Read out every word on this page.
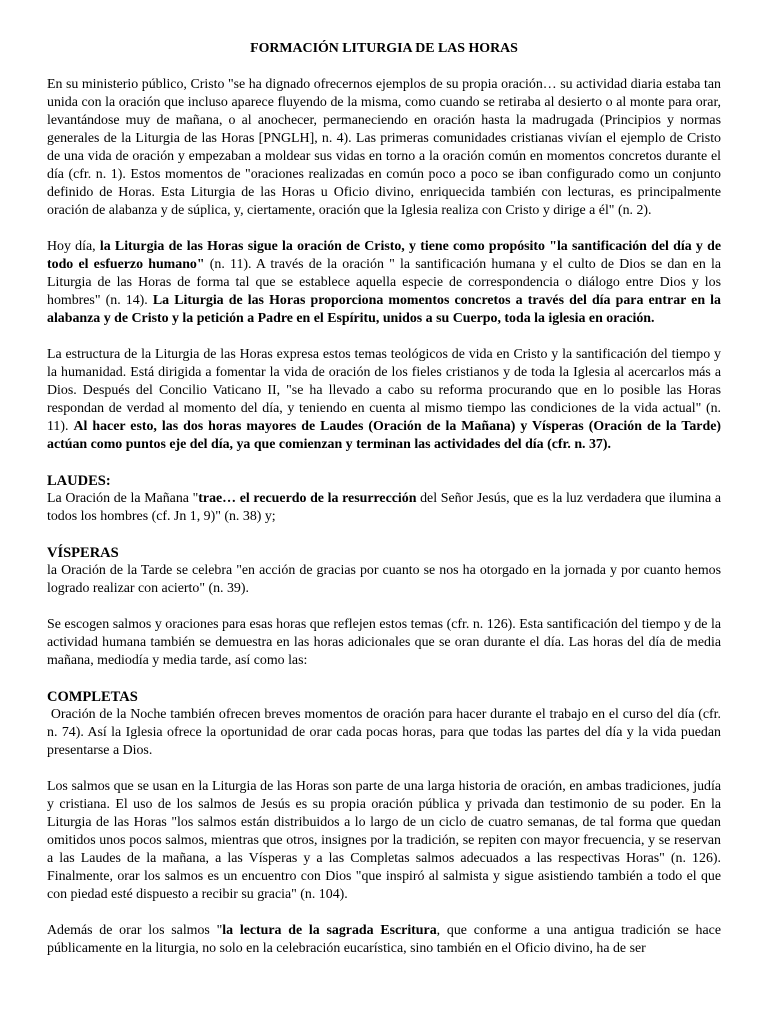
FORMACIÓN LITURGIA DE LAS HORAS

En su ministerio público, Cristo "se ha dignado ofrecernos ejemplos de su propia oración… su actividad diaria estaba tan unida con la oración que incluso aparece fluyendo de la misma, como cuando se retiraba al desierto o al monte para orar, levantándose muy de mañana, o al anochecer, permaneciendo en oración hasta la madrugada (Principios y normas generales de la Liturgia de las Horas [PNGLH], n. 4). Las primeras comunidades cristianas vivían el ejemplo de Cristo de una vida de oración y empezaban a moldear sus vidas en torno a la oración común en momentos concretos durante el día (cfr. n. 1). Estos momentos de "oraciones realizadas en común poco a poco se iban configurado como un conjunto definido de Horas. Esta Liturgia de las Horas u Oficio divino, enriquecida también con lecturas, es principalmente oración de alabanza y de súplica, y, ciertamente, oración que la Iglesia realiza con Cristo y dirige a él" (n. 2).

Hoy día, la Liturgia de las Horas sigue la oración de Cristo, y tiene como propósito "la santificación del día y de todo el esfuerzo humano" (n. 11). A través de la oración " la santificación humana y el culto de Dios se dan en la Liturgia de las Horas de forma tal que se establece aquella especie de correspondencia o diálogo entre Dios y los hombres" (n. 14). La Liturgia de las Horas proporciona momentos concretos a través del día para entrar en la alabanza y de Cristo y la petición a Padre en el Espíritu, unidos a su Cuerpo, toda la iglesia en oración.

La estructura de la Liturgia de las Horas expresa estos temas teológicos de vida en Cristo y la santificación del tiempo y la humanidad. Está dirigida a fomentar la vida de oración de los fieles cristianos y de toda la Iglesia al acercarlos más a Dios. Después del Concilio Vaticano II, "se ha llevado a cabo su reforma procurando que en lo posible las Horas respondan de verdad al momento del día, y teniendo en cuenta al mismo tiempo las condiciones de la vida actual" (n. 11). Al hacer esto, las dos horas mayores de Laudes (Oración de la Mañana) y Vísperas (Oración de la Tarde) actúan como puntos eje del día, ya que comienzan y terminan las actividades del día (cfr. n. 37).

LAUDES:
La Oración de la Mañana "trae… el recuerdo de la resurrección del Señor Jesús, que es la luz verdadera que ilumina a todos los hombres (cf. Jn 1, 9)" (n. 38) y;
VÍSPERAS
la Oración de la Tarde se celebra "en acción de gracias por cuanto se nos ha otorgado en la jornada y por cuanto hemos logrado realizar con acierto" (n. 39).

Se escogen salmos y oraciones para esas horas que reflejen estos temas (cfr. n. 126). Esta santificación del tiempo y de la actividad humana también se demuestra en las horas adicionales que se oran durante el día. Las horas del día de media mañana, mediodía y media tarde, así como las:

COMPLETAS
Oración de la Noche también ofrecen breves momentos de oración para hacer durante el trabajo en el curso del día (cfr. n. 74). Así la Iglesia ofrece la oportunidad de orar cada pocas horas, para que todas las partes del día y la vida puedan presentarse a Dios.

Los salmos que se usan en la Liturgia de las Horas son parte de una larga historia de oración, en ambas tradiciones, judía y cristiana. El uso de los salmos de Jesús es su propia oración pública y privada dan testimonio de su poder. En la Liturgia de las Horas "los salmos están distribuidos a lo largo de un ciclo de cuatro semanas, de tal forma que quedan omitidos unos pocos salmos, mientras que otros, insignes por la tradición, se repiten con mayor frecuencia, y se reservan a las Laudes de la mañana, a las Vísperas y a las Completas salmos adecuados a las respectivas Horas" (n. 126). Finalmente, orar los salmos es un encuentro con Dios "que inspiró al salmista y sigue asistiendo también a todo el que con piedad esté dispuesto a recibir su gracia" (n. 104).

Además de orar los salmos "la lectura de la sagrada Escritura, que conforme a una antigua tradición se hace públicamente en la liturgia, no solo en la celebración eucarística, sino también en el Oficio divino, ha de ser
